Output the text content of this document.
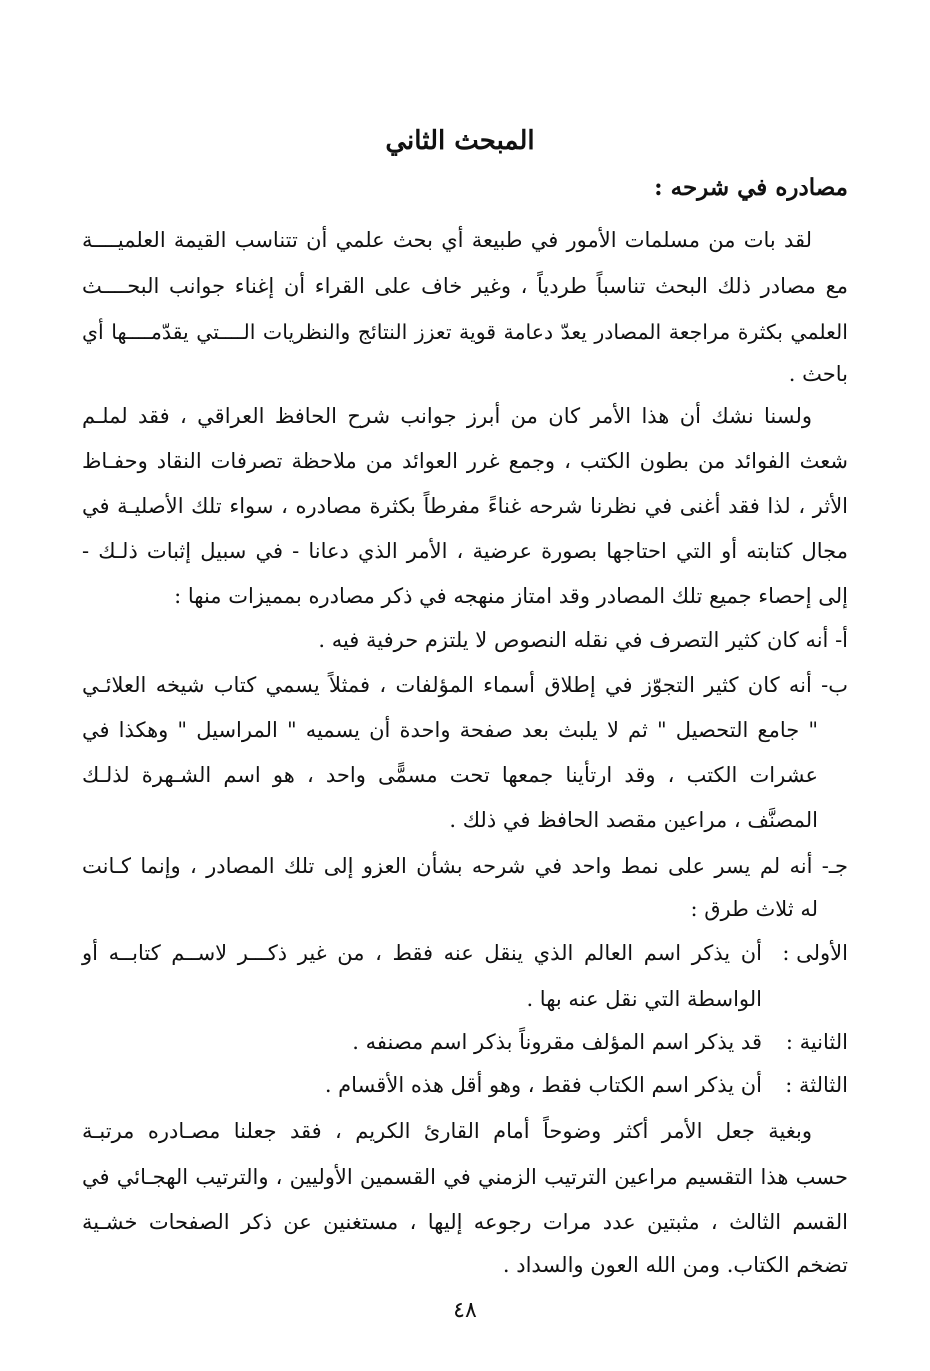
المبحث الثاني
مصادره في شرحه :
لقد بات من مسلمات الأمور في طبيعة أي بحث علمي أن تتناسب القيمة العلميــــة
مع مصادر ذلك البحث تناسباً طردياً ، وغير خاف على القراء أن إغناء جوانب البحــــث
العلمي بكثرة مراجعة المصادر يعدّ دعامة قوية تعزز النتائج والنظريات الــــتي يقدّمــــها أي
باحث .
ولسنا نشك أن هذا الأمر كان من أبرز جوانب شرح الحافظ العراقي ، فقد لملـم
شعث الفوائد من بطون الكتب ، وجمع غرر العوائد من ملاحظة تصرفات النقاد وحفـاظ
الأثر ، لذا فقد أغنى في نظرنا شرحه غناءً مفرطاً بكثرة مصادره ، سواء تلك الأصليـة في
مجال كتابته أو التي احتاجها بصورة عرضية ، الأمر الذي دعانا - في سبيل إثبات ذلـك -
إلى إحصاء جميع تلك المصادر وقد امتاز منهجه في ذكر مصادره بمميزات منها :
أ- أنه كان كثير التصرف في نقله النصوص لا يلتزم حرفية فيه .
ب- أنه كان كثير التجوّز في إطلاق أسماء المؤلفات ، فمثلاً يسمي كتاب شيخه العلائـي
" جامع التحصيل " ثم لا يلبث بعد صفحة واحدة أن يسميه " المراسيل " وهكذا في
عشرات الكتب ، وقد ارتأينا جمعها تحت مسمًّى واحد ، هو اسم الشـهرة لذلـك
المصنَّف ، مراعين مقصد الحافظ في ذلك .
جـ- أنه لم يسر على نمط واحد في شرحه بشأن العزو إلى تلك المصادر ، وإنما كـانت
له ثلاث طرق :
الأولى :
أن يذكر اسم العالم الذي ينقل عنه فقط ، من غير ذكـــر لاســم كتابــه أو
الواسطة التي نقل عنه بها .
الثانية :
قد يذكر اسم المؤلف مقروناً بذكر اسم مصنفه .
الثالثة :
أن يذكر اسم الكتاب فقط ، وهو أقل هذه الأقسام .
وبغية جعل الأمر أكثر وضوحاً أمام القارئ الكريم ، فقد جعلنا مصـادره مرتبـة
حسب هذا التقسيم مراعين الترتيب الزمني في القسمين الأوليين ، والترتيب الهجـائي في
القسم الثالث ، مثبتين عدد مرات رجوعه إليها ، مستغنين عن ذكر الصفحات خشـية
تضخم الكتاب. ومن الله العون والسداد .
٤٨
